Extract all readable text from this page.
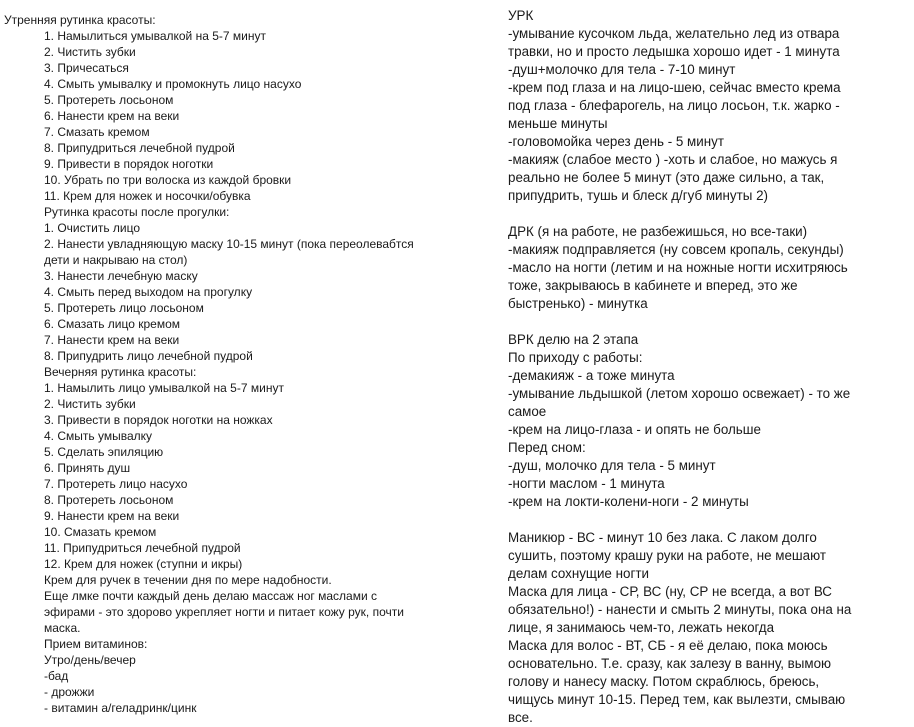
Утренняя рутинка красоты:
1. Намылиться умывалкой на 5-7 минут
2. Чистить зубки
3. Причесаться
4. Смыть умывалку и промокнуть лицо насухо
5. Протереть лосьоном
6. Нанести крем на веки
7. Смазать кремом
8. Припудриться лечебной пудрой
9. Привести в порядок ноготки
10. Убрать по три волоска из каждой бровки
11. Крем для ножек и носочки/обувка
Рутинка красоты после прогулки:
1. Очистить лицо
2. Нанести увладняющую маску 10-15 минут (пока переолевабтся
дети и накрываю на стол)
3. Нанести лечебную маску
4. Смыть перед выходом на прогулку
5. Протереть лицо лосьоном
6. Смазать лицо кремом
7. Нанести крем на веки
8. Припудрить лицо лечебной пудрой
Вечерняя рутинка красоты:
1. Намылить лицо умывалкой на 5-7 минут
2. Чистить зубки
3. Привести в порядок ноготки на ножках
4. Смыть умывалку
5. Сделать эпиляцию
6. Принять душ
7. Протереть лицо насухо
8. Протереть лосьоном
9. Нанести крем на веки
10. Смазать кремом
11. Припудриться лечебной пудрой
12. Крем для ножек (ступни и икры)
Крем для ручек в течении дня по мере надобности.
Еще лмке почти каждый день делаю массаж ног маслами с
эфирами - это здорово укрепляет ногти и питает кожу рук, почти
маска.
Прием витаминов:
Утро/день/вечер
-бад
- дрожжи
- витамин а/геладринк/цинк
УРК
-умывание кусочком льда, желательно лед из отвара
травки, но и просто ледышка хорошо идет - 1 минута
-душ+молочко для тела - 7-10 минут
-крем под глаза и на лицо-шею, сейчас вместо крема
под глаза - блефарогель, на лицо лосьон, т.к. жарко -
меньше минуты
-головомойка через день - 5 минут
-макияж (слабое место ) -хоть и слабое, но мажусь я
реально не более 5 минут (это даже сильно, а так,
припудрить, тушь и блеск д/губ минуты 2)
ДРК (я на работе, не разбежишься, но все-таки)
-макияж подправляется (ну совсем кропаль, секунды)
-масло на ногти (летим и на ножные ногти исхитряюсь
тоже, закрываюсь в кабинете и вперед, это же
быстренько) - минутка
ВРК делю на 2 этапа
По приходу с работы:
-демакияж - а тоже минута
-умывание льдышкой (летом хорошо освежает) - то же
самое
-крем на лицо-глаза - и опять не больше
Перед сном:
-душ, молочко для тела - 5 минут
-ногти маслом - 1 минута
-крем на локти-колени-ноги - 2 минуты
Маникюр - ВС - минут 10 без лака. С лаком долго
сушить, поэтому крашу руки на работе, не мешают
делам сохнущие ногти
Маска для лица - СР, ВС (ну, СР не всегда, а вот ВС
обязательно!) - нанести и смыть 2 минуты, пока она на
лице, я занимаюсь чем-то, лежать некогда
Маска для волос - ВТ, СБ - я её делаю, пока моюсь
основательно. Т.е. сразу, как залезу в ванну, вымою
голову и нанесу маску. Потом скраблюсь, бреюсь,
чищусь минут 10-15. Перед тем, как вылезти, смываю
все.
